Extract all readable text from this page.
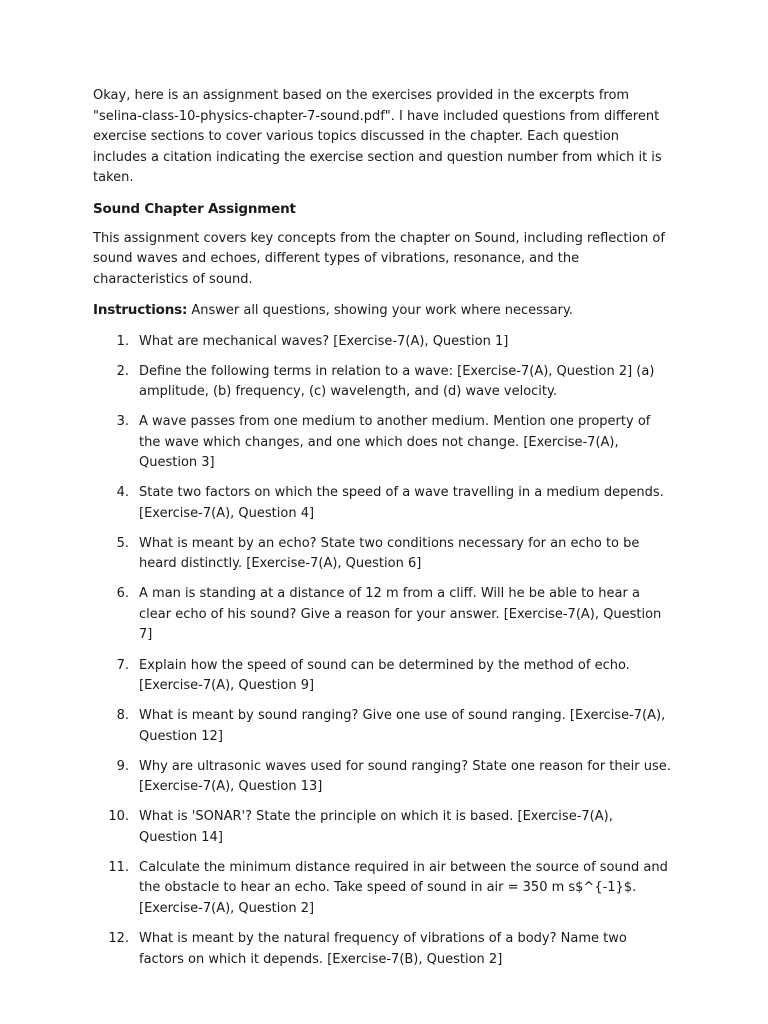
Okay, here is an assignment based on the exercises provided in the excerpts from "selina-class-10-physics-chapter-7-sound.pdf". I have included questions from different exercise sections to cover various topics discussed in the chapter. Each question includes a citation indicating the exercise section and question number from which it is taken.

Sound Chapter Assignment

This assignment covers key concepts from the chapter on Sound, including reflection of sound waves and echoes, different types of vibrations, resonance, and the characteristics of sound.

Instructions: Answer all questions, showing your work where necessary.

1. What are mechanical waves? [Exercise-7(A), Question 1]
2. Define the following terms in relation to a wave: [Exercise-7(A), Question 2] (a) amplitude, (b) frequency, (c) wavelength, and (d) wave velocity.
3. A wave passes from one medium to another medium. Mention one property of the wave which changes, and one which does not change. [Exercise-7(A), Question 3]
4. State two factors on which the speed of a wave travelling in a medium depends. [Exercise-7(A), Question 4]
5. What is meant by an echo? State two conditions necessary for an echo to be heard distinctly. [Exercise-7(A), Question 6]
6. A man is standing at a distance of 12 m from a cliff. Will he be able to hear a clear echo of his sound? Give a reason for your answer. [Exercise-7(A), Question 7]
7. Explain how the speed of sound can be determined by the method of echo. [Exercise-7(A), Question 9]
8. What is meant by sound ranging? Give one use of sound ranging. [Exercise-7(A), Question 12]
9. Why are ultrasonic waves used for sound ranging? State one reason for their use. [Exercise-7(A), Question 13]
10. What is 'SONAR'? State the principle on which it is based. [Exercise-7(A), Question 14]
11. Calculate the minimum distance required in air between the source of sound and the obstacle to hear an echo. Take speed of sound in air = 350 m s$^{-1}$. [Exercise-7(A), Question 2]
12. What is meant by the natural frequency of vibrations of a body? Name two factors on which it depends. [Exercise-7(B), Question 2]
